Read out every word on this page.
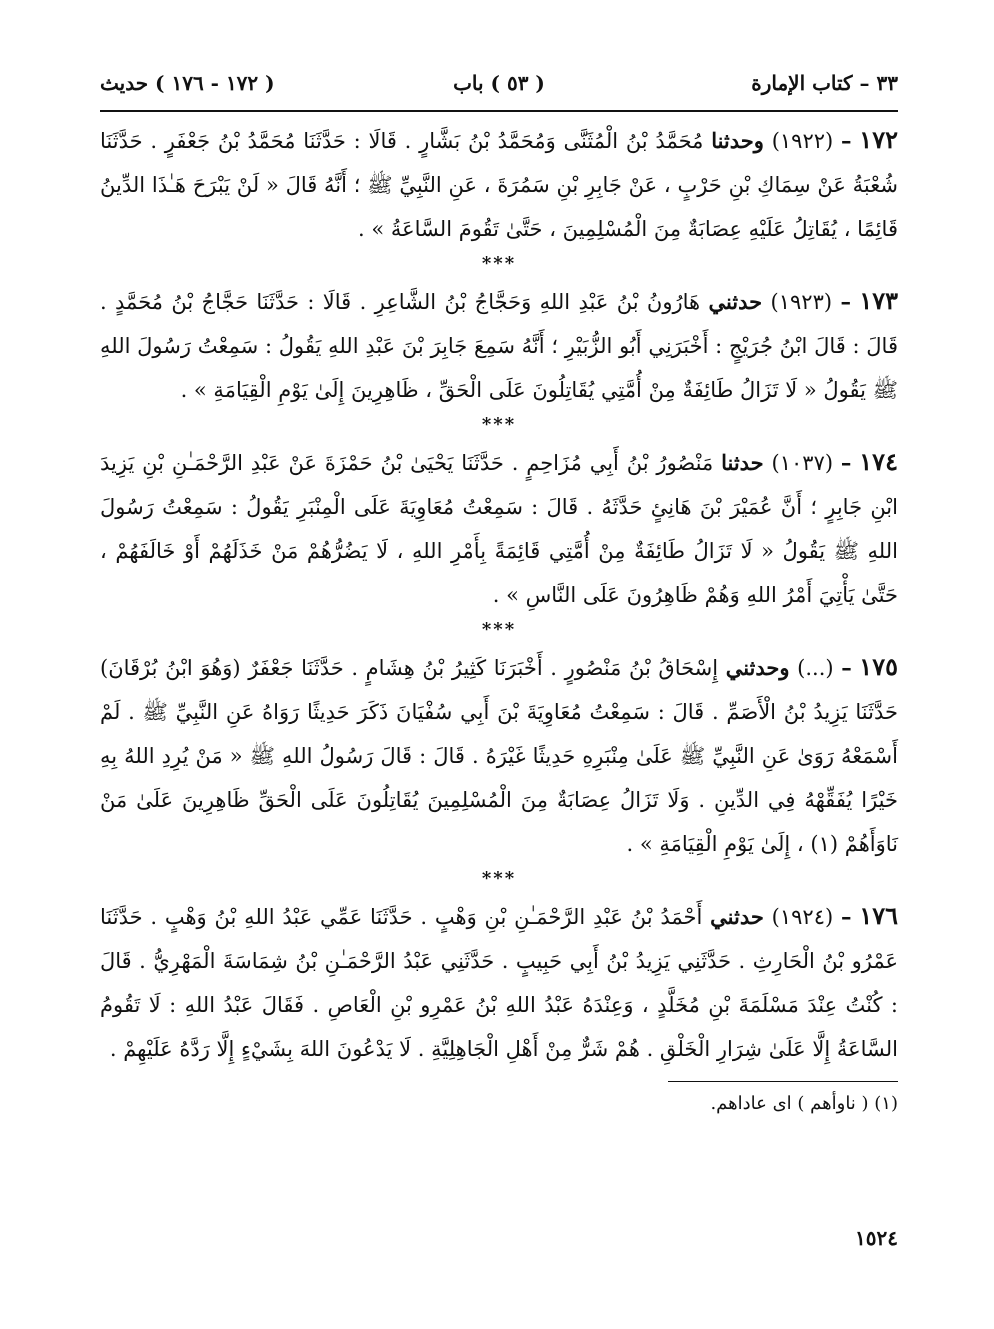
٣٣ – كتاب الإمارة
( ٥٣ ) باب
( ١٧٢ - ١٧٦ ) حديث

١٧٢ – (١٩٢٢) وحدثنا مُحَمَّدُ بْنُ الْمُثَنَّى وَمُحَمَّدُ بْنُ بَشَّارٍ . قَالَا : حَدَّثَنَا مُحَمَّدُ بْنُ جَعْفَرٍ . حَدَّثَنَا شُعْبَةُ عَنْ سِمَاكِ بْنِ حَرْبٍ ، عَنْ جَابِرِ بْنِ سَمُرَةَ ، عَنِ النَّبِيِّ ﷺ ؛ أَنَّهُ قَالَ « لَنْ يَبْرَحَ هَـٰذَا الدِّينُ قَائِمًا ، يُقَاتِلُ عَلَيْهِ عِصَابَةٌ مِنَ الْمُسْلِمِينَ ، حَتَّىٰ تَقُومَ السَّاعَةُ » .

***

١٧٣ – (١٩٢٣) حدثني هَارُونُ بْنُ عَبْدِ اللهِ وَحَجَّاجُ بْنُ الشَّاعِرِ . قَالَا : حَدَّثَنَا حَجَّاجُ بْنُ مُحَمَّدٍ . قَالَ : قَالَ ابْنُ جُرَيْجٍ : أَخْبَرَنِي أَبُو الزُّبَيْرِ ؛ أَنَّهُ سَمِعَ جَابِرَ بْنَ عَبْدِ اللهِ يَقُولُ : سَمِعْتُ رَسُولَ اللهِ ﷺ يَقُولُ « لَا تَزَالُ طَائِفَةٌ مِنْ أُمَّتِي يُقَاتِلُونَ عَلَى الْحَقِّ ، ظَاهِرِينَ إِلَىٰ يَوْمِ الْقِيَامَةِ » .

***

١٧٤ – (١٠٣٧) حدثنا مَنْصُورُ بْنُ أَبِي مُزَاحِمٍ . حَدَّثَنَا يَحْيَىٰ بْنُ حَمْزَةَ عَنْ عَبْدِ الرَّحْمَـٰنِ بْنِ يَزِيدَ ابْنِ جَابِرٍ ؛ أَنَّ عُمَيْرَ بْنَ هَانِئٍ حَدَّثَهُ . قَالَ : سَمِعْتُ مُعَاوِيَةَ عَلَى الْمِنْبَرِ يَقُولُ : سَمِعْتُ رَسُولَ اللهِ ﷺ يَقُولُ « لَا تَزَالُ طَائِفَةٌ مِنْ أُمَّتِي قَائِمَةً بِأَمْرِ اللهِ ، لَا يَضُرُّهُمْ مَنْ خَذَلَهُمْ أَوْ خَالَفَهُمْ ، حَتَّىٰ يَأْتِيَ أَمْرُ اللهِ وَهُمْ ظَاهِرُونَ عَلَى النَّاسِ » .

***

١٧٥ – (...) وحدثني إِسْحَاقُ بْنُ مَنْصُورٍ . أَخْبَرَنَا كَثِيرُ بْنُ هِشَامٍ . حَدَّثَنَا جَعْفَرٌ (وَهُوَ ابْنُ بُرْقَانَ) حَدَّثَنَا يَزِيدُ بْنُ الْأَصَمِّ . قَالَ : سَمِعْتُ مُعَاوِيَةَ بْنَ أَبِي سُفْيَانَ ذَكَرَ حَدِيثًا رَوَاهُ عَنِ النَّبِيِّ ﷺ . لَمْ أَسْمَعْهُ رَوَىٰ عَنِ النَّبِيِّ ﷺ عَلَىٰ مِنْبَرِهِ حَدِيثًا غَيْرَهُ . قَالَ : قَالَ رَسُولُ اللهِ ﷺ « مَنْ يُرِدِ اللهُ بِهِ خَيْرًا يُفَقِّهْهُ فِي الدِّينِ . وَلَا تَزَالُ عِصَابَةٌ مِنَ الْمُسْلِمِينَ يُقَاتِلُونَ عَلَى الْحَقِّ ظَاهِرِينَ عَلَىٰ مَنْ نَاوَأَهُمْ (١) ، إِلَىٰ يَوْمِ الْقِيَامَةِ » .

***

١٧٦ – (١٩٢٤) حدثني أَحْمَدُ بْنُ عَبْدِ الرَّحْمَـٰنِ بْنِ وَهْبٍ . حَدَّثَنَا عَمِّي عَبْدُ اللهِ بْنُ وَهْبٍ . حَدَّثَنَا عَمْرُو بْنُ الْحَارِثِ . حَدَّثَنِي يَزِيدُ بْنُ أَبِي حَبِيبٍ . حَدَّثَنِي عَبْدُ الرَّحْمَـٰنِ بْنُ شِمَاسَةَ الْمَهْرِيُّ . قَالَ : كُنْتُ عِنْدَ مَسْلَمَةَ بْنِ مُخَلَّدٍ ، وَعِنْدَهُ عَبْدُ اللهِ بْنُ عَمْرِو بْنِ الْعَاصِ . فَقَالَ عَبْدُ اللهِ : لَا تَقُومُ السَّاعَةُ إِلَّا عَلَىٰ شِرَارِ الْخَلْقِ . هُمْ شَرٌّ مِنْ أَهْلِ الْجَاهِلِيَّةِ . لَا يَدْعُونَ اللهَ بِشَيْءٍ إِلَّا رَدَّهُ عَلَيْهِمْ .

(١) ( ناوأهم ) اى عاداهم.
١٥٢٤
